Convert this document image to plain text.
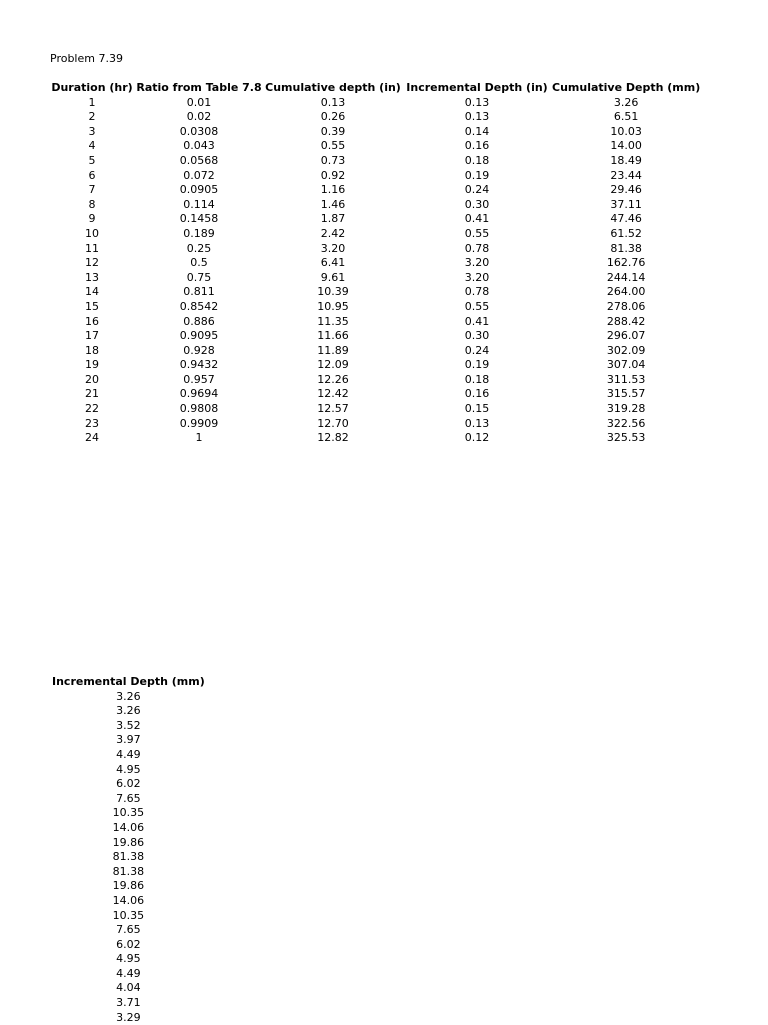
Problem 7.39
Duration (hr)	Ratio from Table 7.8	Cumulative depth (in)	Incremental Depth (in)	Cumulative Depth (mm)
1	0.01	0.13	0.13	3.26
2	0.02	0.26	0.13	6.51
3	0.0308	0.39	0.14	10.03
4	0.043	0.55	0.16	14.00
5	0.0568	0.73	0.18	18.49
6	0.072	0.92	0.19	23.44
7	0.0905	1.16	0.24	29.46
8	0.114	1.46	0.30	37.11
9	0.1458	1.87	0.41	47.46
10	0.189	2.42	0.55	61.52
11	0.25	3.20	0.78	81.38
12	0.5	6.41	3.20	162.76
13	0.75	9.61	3.20	244.14
14	0.811	10.39	0.78	264.00
15	0.8542	10.95	0.55	278.06
16	0.886	11.35	0.41	288.42
17	0.9095	11.66	0.30	296.07
18	0.928	11.89	0.24	302.09
19	0.9432	12.09	0.19	307.04
20	0.957	12.26	0.18	311.53
21	0.9694	12.42	0.16	315.57
22	0.9808	12.57	0.15	319.28
23	0.9909	12.70	0.13	322.56
24	1	12.82	0.12	325.53
Incremental Depth (mm)
3.26
3.26
3.52
3.97
4.49
4.95
6.02
7.65
10.35
14.06
19.86
81.38
81.38
19.86
14.06
10.35
7.65
6.02
4.95
4.49
4.04
3.71
3.29
